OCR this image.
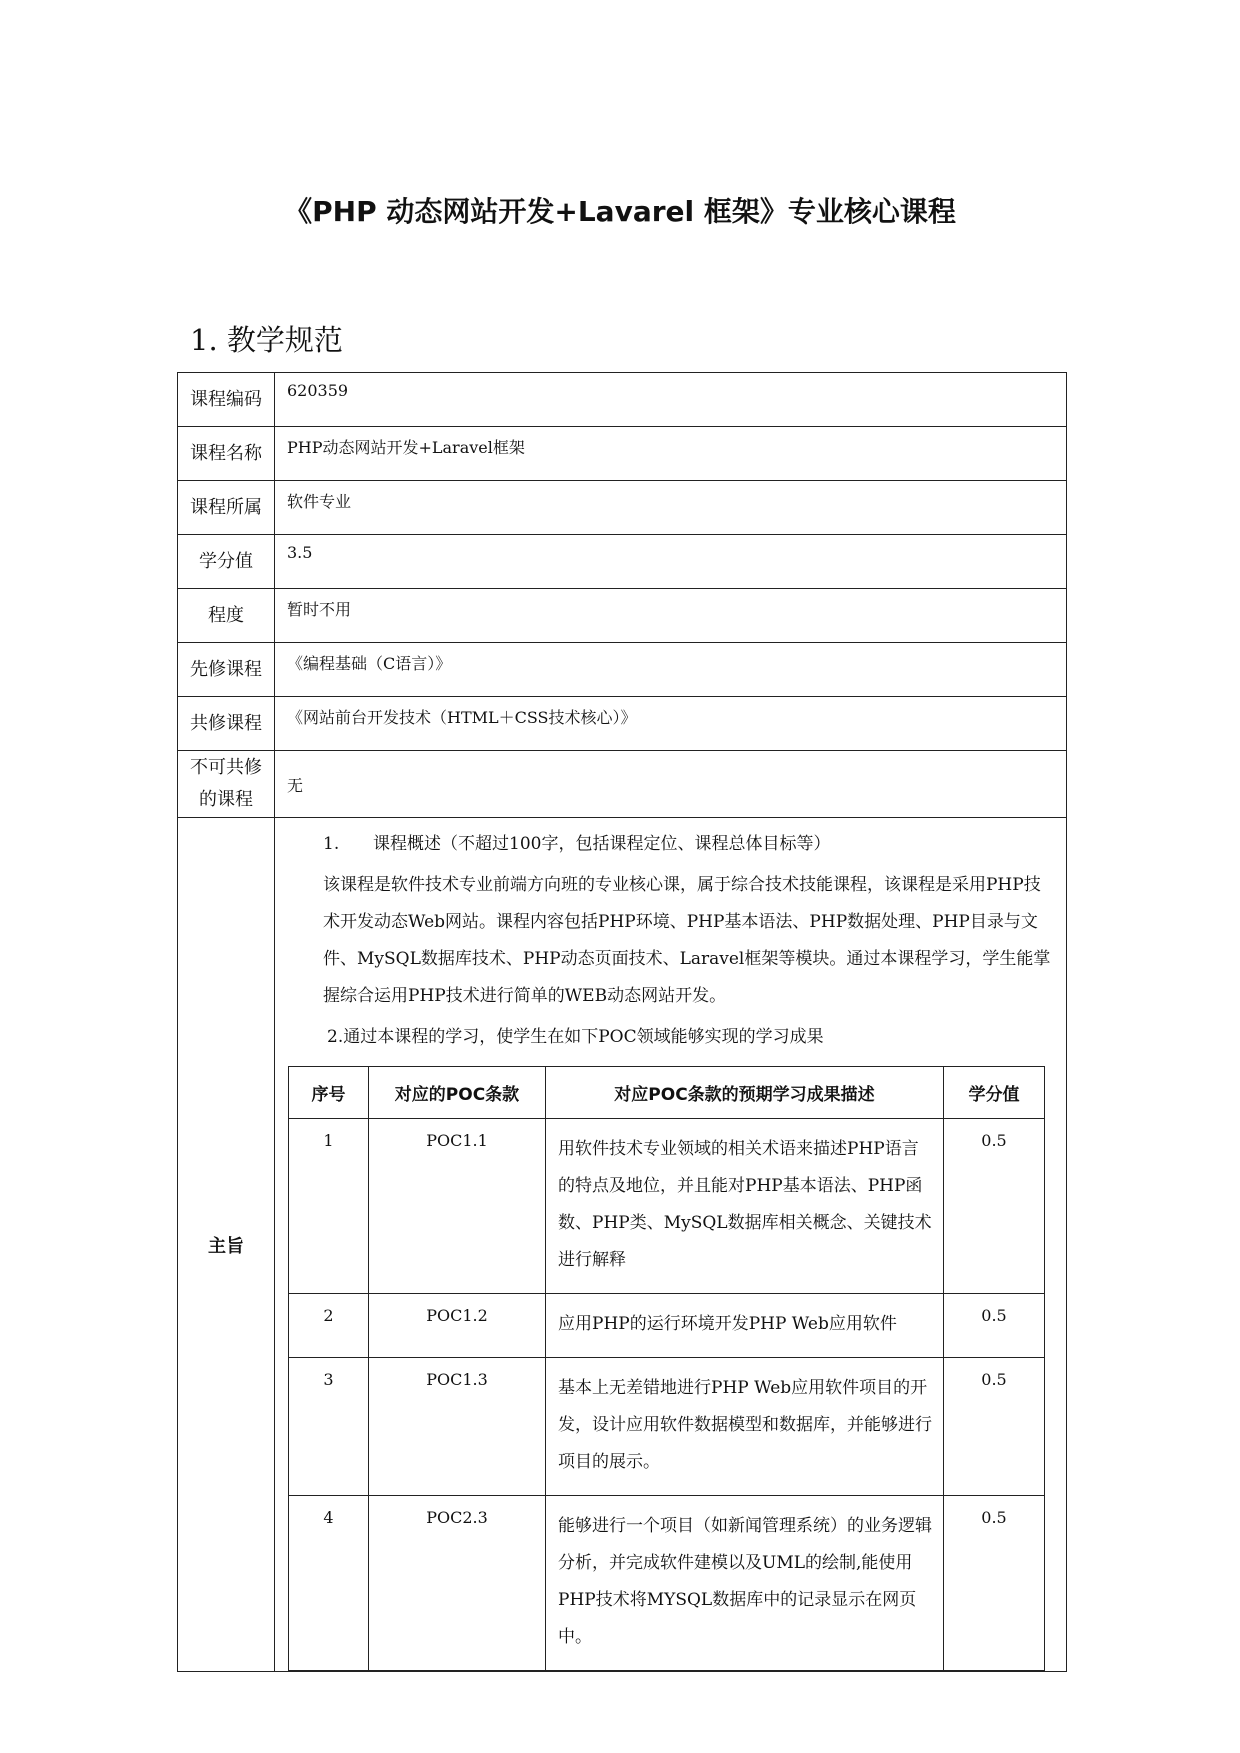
《PHP 动态网站开发+Lavarel 框架》专业核心课程
1. 教学规范
课程编码	620359
课程名称	PHP动态网站开发+Laravel框架
课程所属	软件专业
学分值	3.5
程度	暂时不用
先修课程	《编程基础（C语言）》
共修课程	《网站前台开发技术（HTML＋CSS技术核心）》

不可共修
的课程
	无
主旨	

1. 课程概述（不超过100字，包括课程定位、课程总体目标等）

该课程是软件技术专业前端方向班的专业核心课，属于综合技术技能课程，该课程是采用PHP技术开发动态Web网站。课程内容包括PHP环境、PHP基本语法、PHP数据处理、PHP目录与文件、MySQL数据库技术、PHP动态页面技术、Laravel框架等模块。通过本课程学习，学生能掌握综合运用PHP技术进行简单的WEB动态网站开发。

2.通过本课程的学习，使学生在如下POC领域能够实现的学习成果

序号	对应的POC条款	对应POC条款的预期学习成果描述	学分值
1	POC1.1	用软件技术专业领域的相关术语来描述PHP语言的特点及地位，并且能对PHP基本语法、PHP函数、PHP类、MySQL数据库相关概念、关键技术进行解释	0.5
2	POC1.2	应用PHP的运行环境开发PHP Web应用软件	0.5
3	POC1.3	基本上无差错地进行PHP Web应用软件项目的开发，设计应用软件数据模型和数据库，并能够进行项目的展示。	0.5
4	POC2.3	能够进行一个项目（如新闻管理系统）的业务逻辑分析，并完成软件建模以及UML的绘制,能使用PHP技术将MYSQL数据库中的记录显示在网页中。	0.5
